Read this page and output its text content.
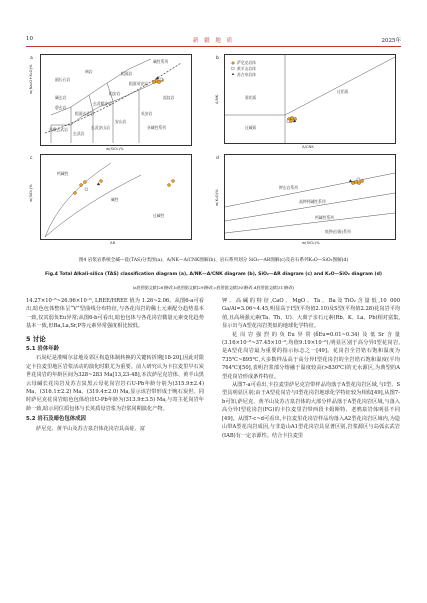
10	新 疆 地 质	2025年
苦橄玄武岩
玄武岩
玄武安山岩
安山岩
英安岩
流纹岩
粗面岩
粗面英安岩
碱玄岩
碧玄岩
副长石岩
响岩
粗面玄武岩
玄武粗安岩
粗安岩
亚碱性系列
碱性系列
a
w(Na₂O+K₂O)%
w(SiO₂)%
萨尼克岩体
黄羊山岩体
苏吉泉岩体
准铝质
过铝质
过碱质
b
A/NK
A/CNK
钙碱性
碱性
过碱性
c
w(SiO₂)%
AR
钾玄岩系列
高钾钙碱性系列
钙碱性系列
低钾(拉斑)系列
d
w(K₂O)%
w(SiO₂)%
图4 岩浆岩系统全碱—硅(TAS)分类图(a)、A/NK—A/CNK图解(b)、岩石系列划分 SiO₂—AR图解(c)及岩石系列K₂O—SiO₂图解(d)
Fig.4 Total Alkali-silica (TAS) classification diagram (a), A/NK—A/CNK diagram (b), SiO₂—AR diagram (c) and K₂O—SiO₂ diagram (d)
(a底图据文献[28]修改,b底图据文献[29]修改,c底图据文献[30]修改,d底图据文献[31]修改)

14.27×10⁻⁶~26.96×10⁻⁶, LREE/HREE 值为 1.26~2.06。从图6-a可看出,暗色包体整体呈“V”型曲线分布特征,与各花岗岩的稀土元素配分趋势基本一致,仅其弱负Eu异常;从图6-b可看出,暗色包体与各花岗岩微量元素变化趋势基本一致,但Ba,La,Sr,P等元素异常强度相比较低。

5 讨论
5.1 岩体年龄

石炭纪是准噶尔盆地及邻区构造体制转换的关键转折期[18-20],因此对限定卡拉麦里地区岩浆活动的演化时限尤为重要。前人研究认为卡拉麦里早石炭世花岗岩的年龄区间为328~283 Ma[13,23-48],本次萨尼克岩体、黄羊山黑云母碱长花岗岩及苏吉泉黑云母花岗岩岩石U-Pb年龄分别为(315.9±2.4) Ma、(316.1±2.2) Ma、(319.4±2.0) Ma,显示该岩带形成于晚石炭世。同时萨尼克花岗岩暗色包体给出U-Pb年龄为(313.9±3.5) Ma,与寄主花岗岩年龄一致,暗示同位质包体与长英质母岩浆为岩浆同期演化产物。

5.2 岩石及暗色包体成因

萨尼克、黄羊山及苏吉泉岩体花岗岩具高硅、富

钾、高碱的特征,CaO、MgO、Ta、Ba及TiO₂含量低,10 000 Ga/Al=3.06~4.45,明显高于I型(平均值2.10)及S型(平均值2.28)花岗岩平均值,且高场强元素(Ta、Th、U)、大离子亲石元素(Rb、K、La、Pb)相对富集,显示出与A型花岗岩类似的地球化学特征。

花岗岩强烈的负Eu异常(δEu=0.01~0.34)及低Sr含量(3.16×10⁻⁶~37.45×10⁻⁶,均值9.19×10⁻⁶),明显区别于高分异I型花岗岩,是A型花岗岩最为重要的指示标志之一[49]。花岗岩全岩锆石饱和温度为735℃~895℃,大多数样品高于高分异I型花岗岩的全岩锆石饱和温度(平均764℃)[50],表明岩浆部分熔融于温度较高(>830℃)的无水源区,为典型的A型花岗岩形成条件特征。

从图7-a可看出,卡拉麦里萨尼克岩带样品均落于A型花岗岩区域,与I型、S型具明显区别;由于A型花岗岩与I型花岗岩地球化学特征较为相似[49],从图7-b可知,萨尼克、黄羊山及苏吉泉岩体的大部分样品落于A型花岗岩区域,与落入高分异I型花岗岩(FG)的卡拉麦里岩带西段卡姆斯特、老鸦泉岩体明显不同[49]。从图7-c~d可看出,卡拉麦里花岗岩样品均落入A2型花岗岩区域内,为造山带A型花岗岩成因,与非造山A1型花岗岩具显著区别,岩浆源区与岛弧玄武岩(IAB)有一定亲源性。结合卡拉麦里
